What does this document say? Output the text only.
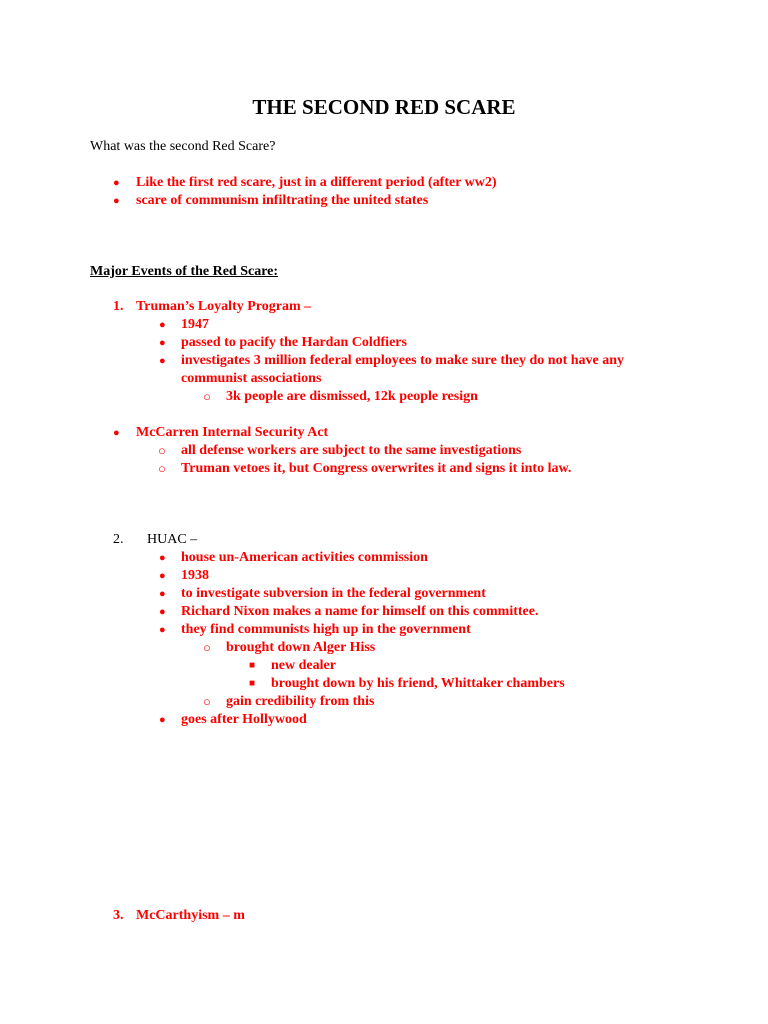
THE SECOND RED SCARE
What was the second Red Scare?
● Like the first red scare, just in a different period (after ww2)
● scare of communism infiltrating the united states
Major Events of the Red Scare:
1. Truman’s Loyalty Program –
● 1947
● passed to pacify the Hardan Coldfiers
● investigates 3 million federal employees to make sure they do not have any
communist associations
○ 3k people are dismissed, 12k people resign
● McCarren Internal Security Act
○ all defense workers are subject to the same investigations
○ Truman vetoes it, but Congress overwrites it and signs it into law.
2. HUAC –
● house un-American activities commission
● 1938
● to investigate subversion in the federal government
● Richard Nixon makes a name for himself on this committee.
● they find communists high up in the government
○ brought down Alger Hiss
■ new dealer
■ brought down by his friend, Whittaker chambers
○ gain credibility from this
● goes after Hollywood
3. McCarthyism – m
